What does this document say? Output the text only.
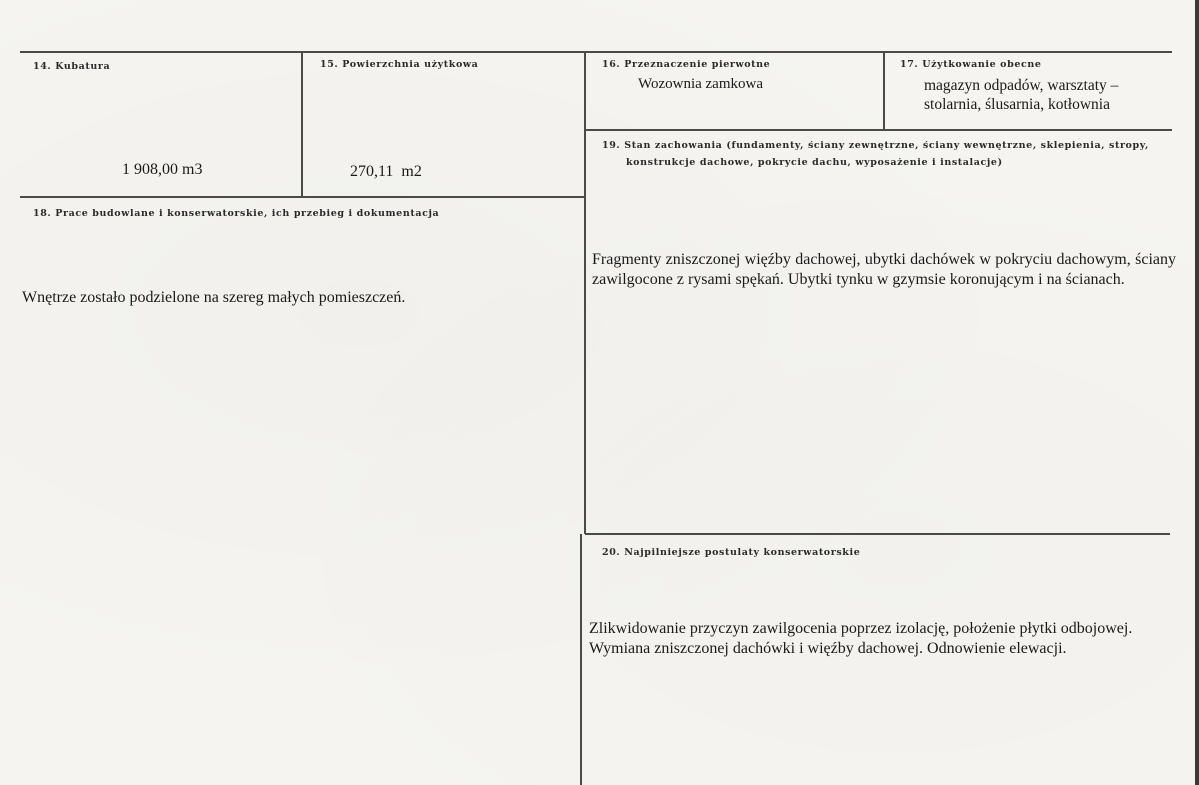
14. Kubatura
1 908,00 m3
15. Powierzchnia użytkowa
270,11  m2
16. Przeznaczenie pierwotne
Wozownia zamkowa
17. Użytkowanie obecne
magazyn odpadów, warsztaty –
stolarnia, ślusarnia, kotłownia
18. Prace budowlane i konserwatorskie, ich przebieg i dokumentacja
Wnętrze zostało podzielone na szereg małych pomieszczeń.
19. Stan zachowania (fundamenty, ściany zewnętrzne, ściany wewnętrzne, sklepienia, stropy,
konstrukcje dachowe, pokrycie dachu, wyposażenie i instalacje)
Fragmenty zniszczonej więźby dachowej, ubytki dachówek w pokryciu dachowym, ściany zawilgocone z rysami spękań. Ubytki tynku w gzymsie koronującym i na ścianach.
20. Najpilniejsze postulaty konserwatorskie
Zlikwidowanie przyczyn zawilgocenia poprzez izolację, położenie płytki odbojowej.
Wymiana zniszczonej dachówki i więźby dachowej. Odnowienie elewacji.
